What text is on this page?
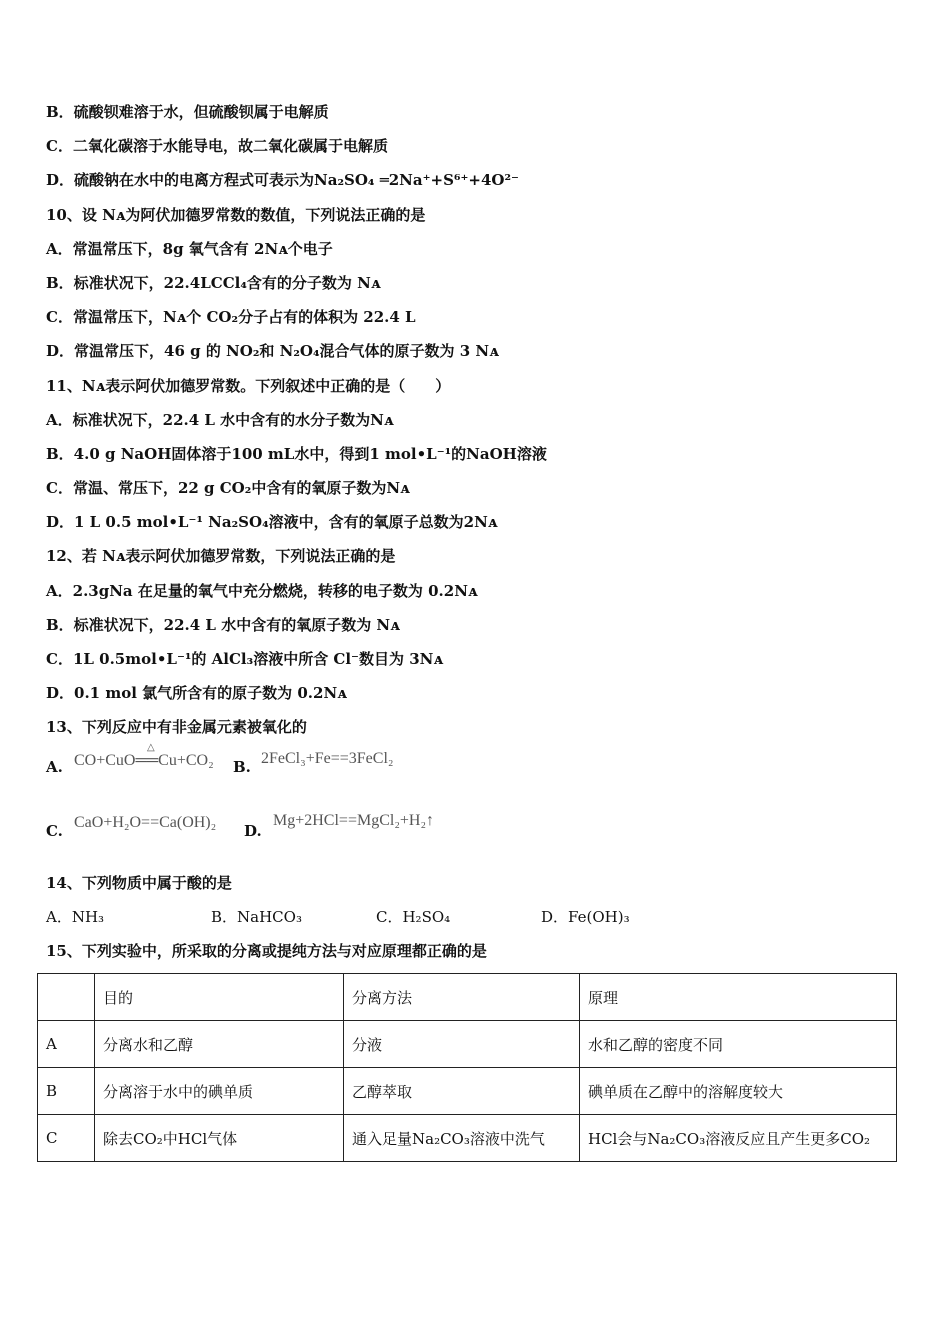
B．硫酸钡难溶于水，但硫酸钡属于电解质
C．二氧化碳溶于水能导电，故二氧化碳属于电解质
D．硫酸钠在水中的电离方程式可表示为Na₂SO₄ ═2Na⁺+S⁶⁺+4O²⁻
10、设 Nᴀ为阿伏加德罗常数的数值，下列说法正确的是
A．常温常压下，8g 氧气含有 2Nᴀ个电子
B．标准状况下，22.4LCCl₄含有的分子数为 Nᴀ
C．常温常压下，Nᴀ个 CO₂分子占有的体积为 22.4 L
D．常温常压下，46 g 的 NO₂和 N₂O₄混合气体的原子数为 3 Nᴀ
11、Nᴀ表示阿伏加德罗常数。下列叙述中正确的是（　　）
A．标准状况下，22.4 L 水中含有的水分子数为Nᴀ
B．4.0 g NaOH固体溶于100 mL水中，得到1 mol•L⁻¹的NaOH溶液
C．常温、常压下，22 g CO₂中含有的氧原子数为Nᴀ
D．1 L 0.5 mol•L⁻¹ Na₂SO₄溶液中，含有的氧原子总数为2Nᴀ
12、若 Nᴀ表示阿伏加德罗常数，下列说法正确的是
A．2.3gNa 在足量的氧气中充分燃烧，转移的电子数为 0.2Nᴀ
B．标准状况下，22.4 L 水中含有的氧原子数为 Nᴀ
C．1L 0.5mol•L⁻¹的 AlCl₃溶液中所含 Cl⁻数目为 3Nᴀ
D．0.1 mol 氯气所含有的原子数为 0.2Nᴀ
13、下列反应中有非金属元素被氧化的
A.
△
CO+CuO══Cu+CO₂ B. 2FeCl₃+Fe==3FeCl₂
C. CaO+H₂O==Ca(OH)₂ D.
Mg+2HCl==MgCl₂+H₂↑
14、下列物质中属于酸的是
A．NH₃	B．NaHCO₃	C．H₂SO₄	D．Fe(OH)₃
15、下列实验中，所采取的分离或提纯方法与对应原理都正确的是
	目的	分离方法	原理
A	分离水和乙醇	分液	水和乙醇的密度不同
B	分离溶于水中的碘单质	乙醇萃取	碘单质在乙醇中的溶解度较大
C	除去CO₂中HCl气体	通入足量Na₂CO₃溶液中洗气	HCl会与Na₂CO₃溶液反应且产生更多CO₂
